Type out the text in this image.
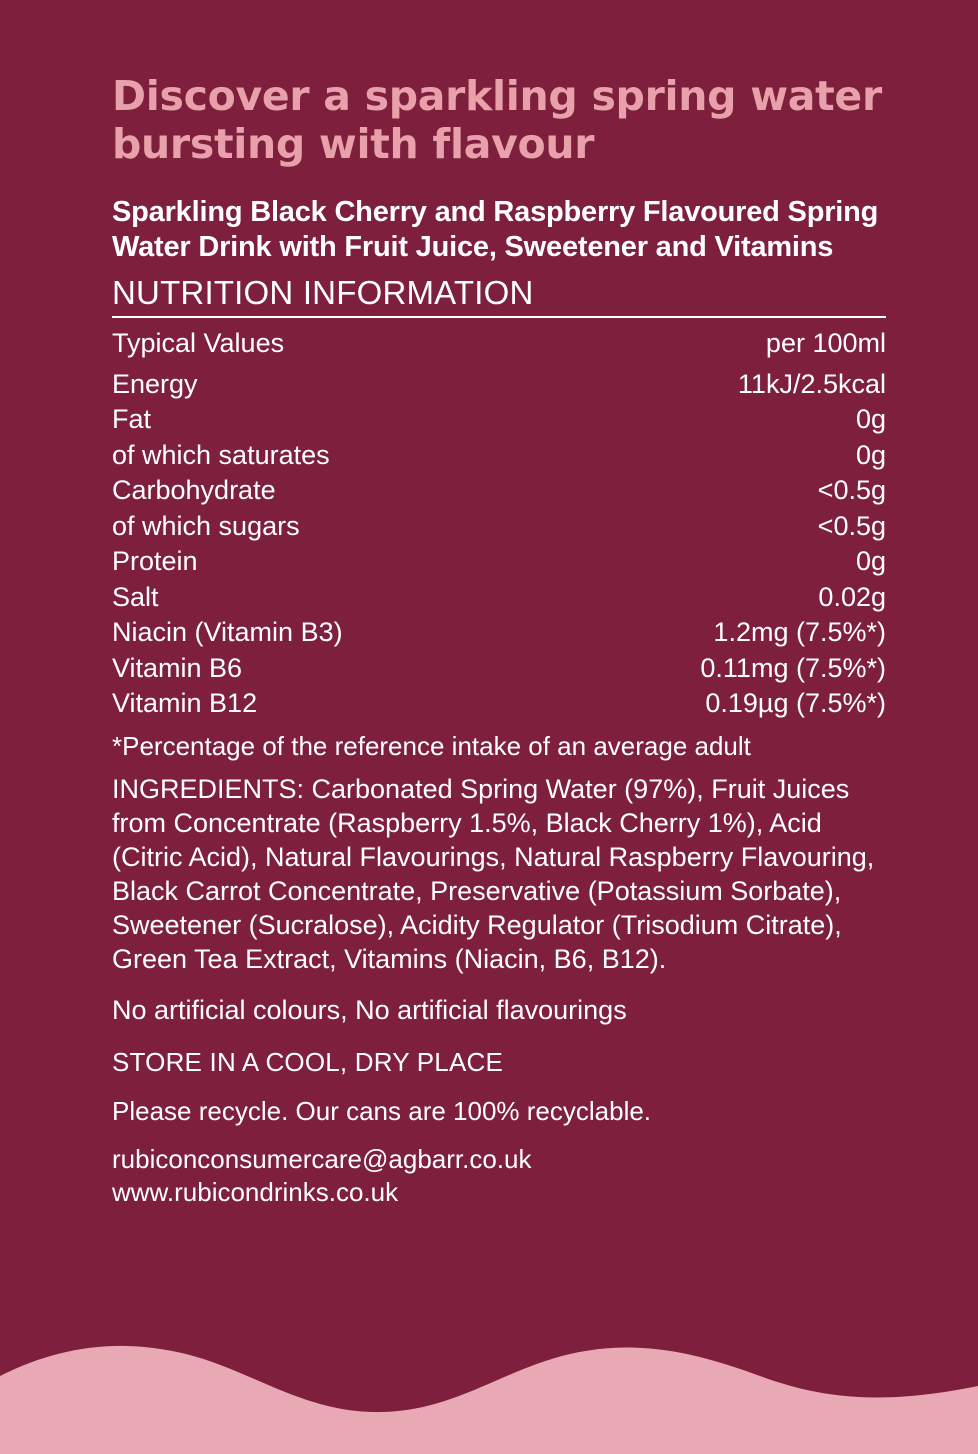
Discover a sparkling spring water bursting with flavour

Sparkling Black Cherry and Raspberry Flavoured Spring Water Drink with Fruit Juice, Sweetener and Vitamins

NUTRITION INFORMATION
Typical Values	per 100ml
Energy	11kJ/2.5kcal
Fat	0g
of which saturates	0g
Carbohydrate	<0.5g
of which sugars	<0.5g
Protein	0g
Salt	0.02g
Niacin (Vitamin B3)	1.2mg (7.5%*)
Vitamin B6	0.11mg (7.5%*)
Vitamin B12	0.19µg (7.5%*)

*Percentage of the reference intake of an average adult

INGREDIENTS: Carbonated Spring Water (97%), Fruit Juices from Concentrate (Raspberry 1.5%, Black Cherry 1%), Acid (Citric Acid), Natural Flavourings, Natural Raspberry Flavouring, Black Carrot Concentrate, Preservative (Potassium Sorbate), Sweetener (Sucralose), Acidity Regulator (Trisodium Citrate), Green Tea Extract, Vitamins (Niacin, B6, B12).

No artificial colours, No artificial flavourings

STORE IN A COOL, DRY PLACE

Please recycle. Our cans are 100% recyclable.

rubiconconsumercare@agbarr.co.uk
www.rubicondrinks.co.uk
